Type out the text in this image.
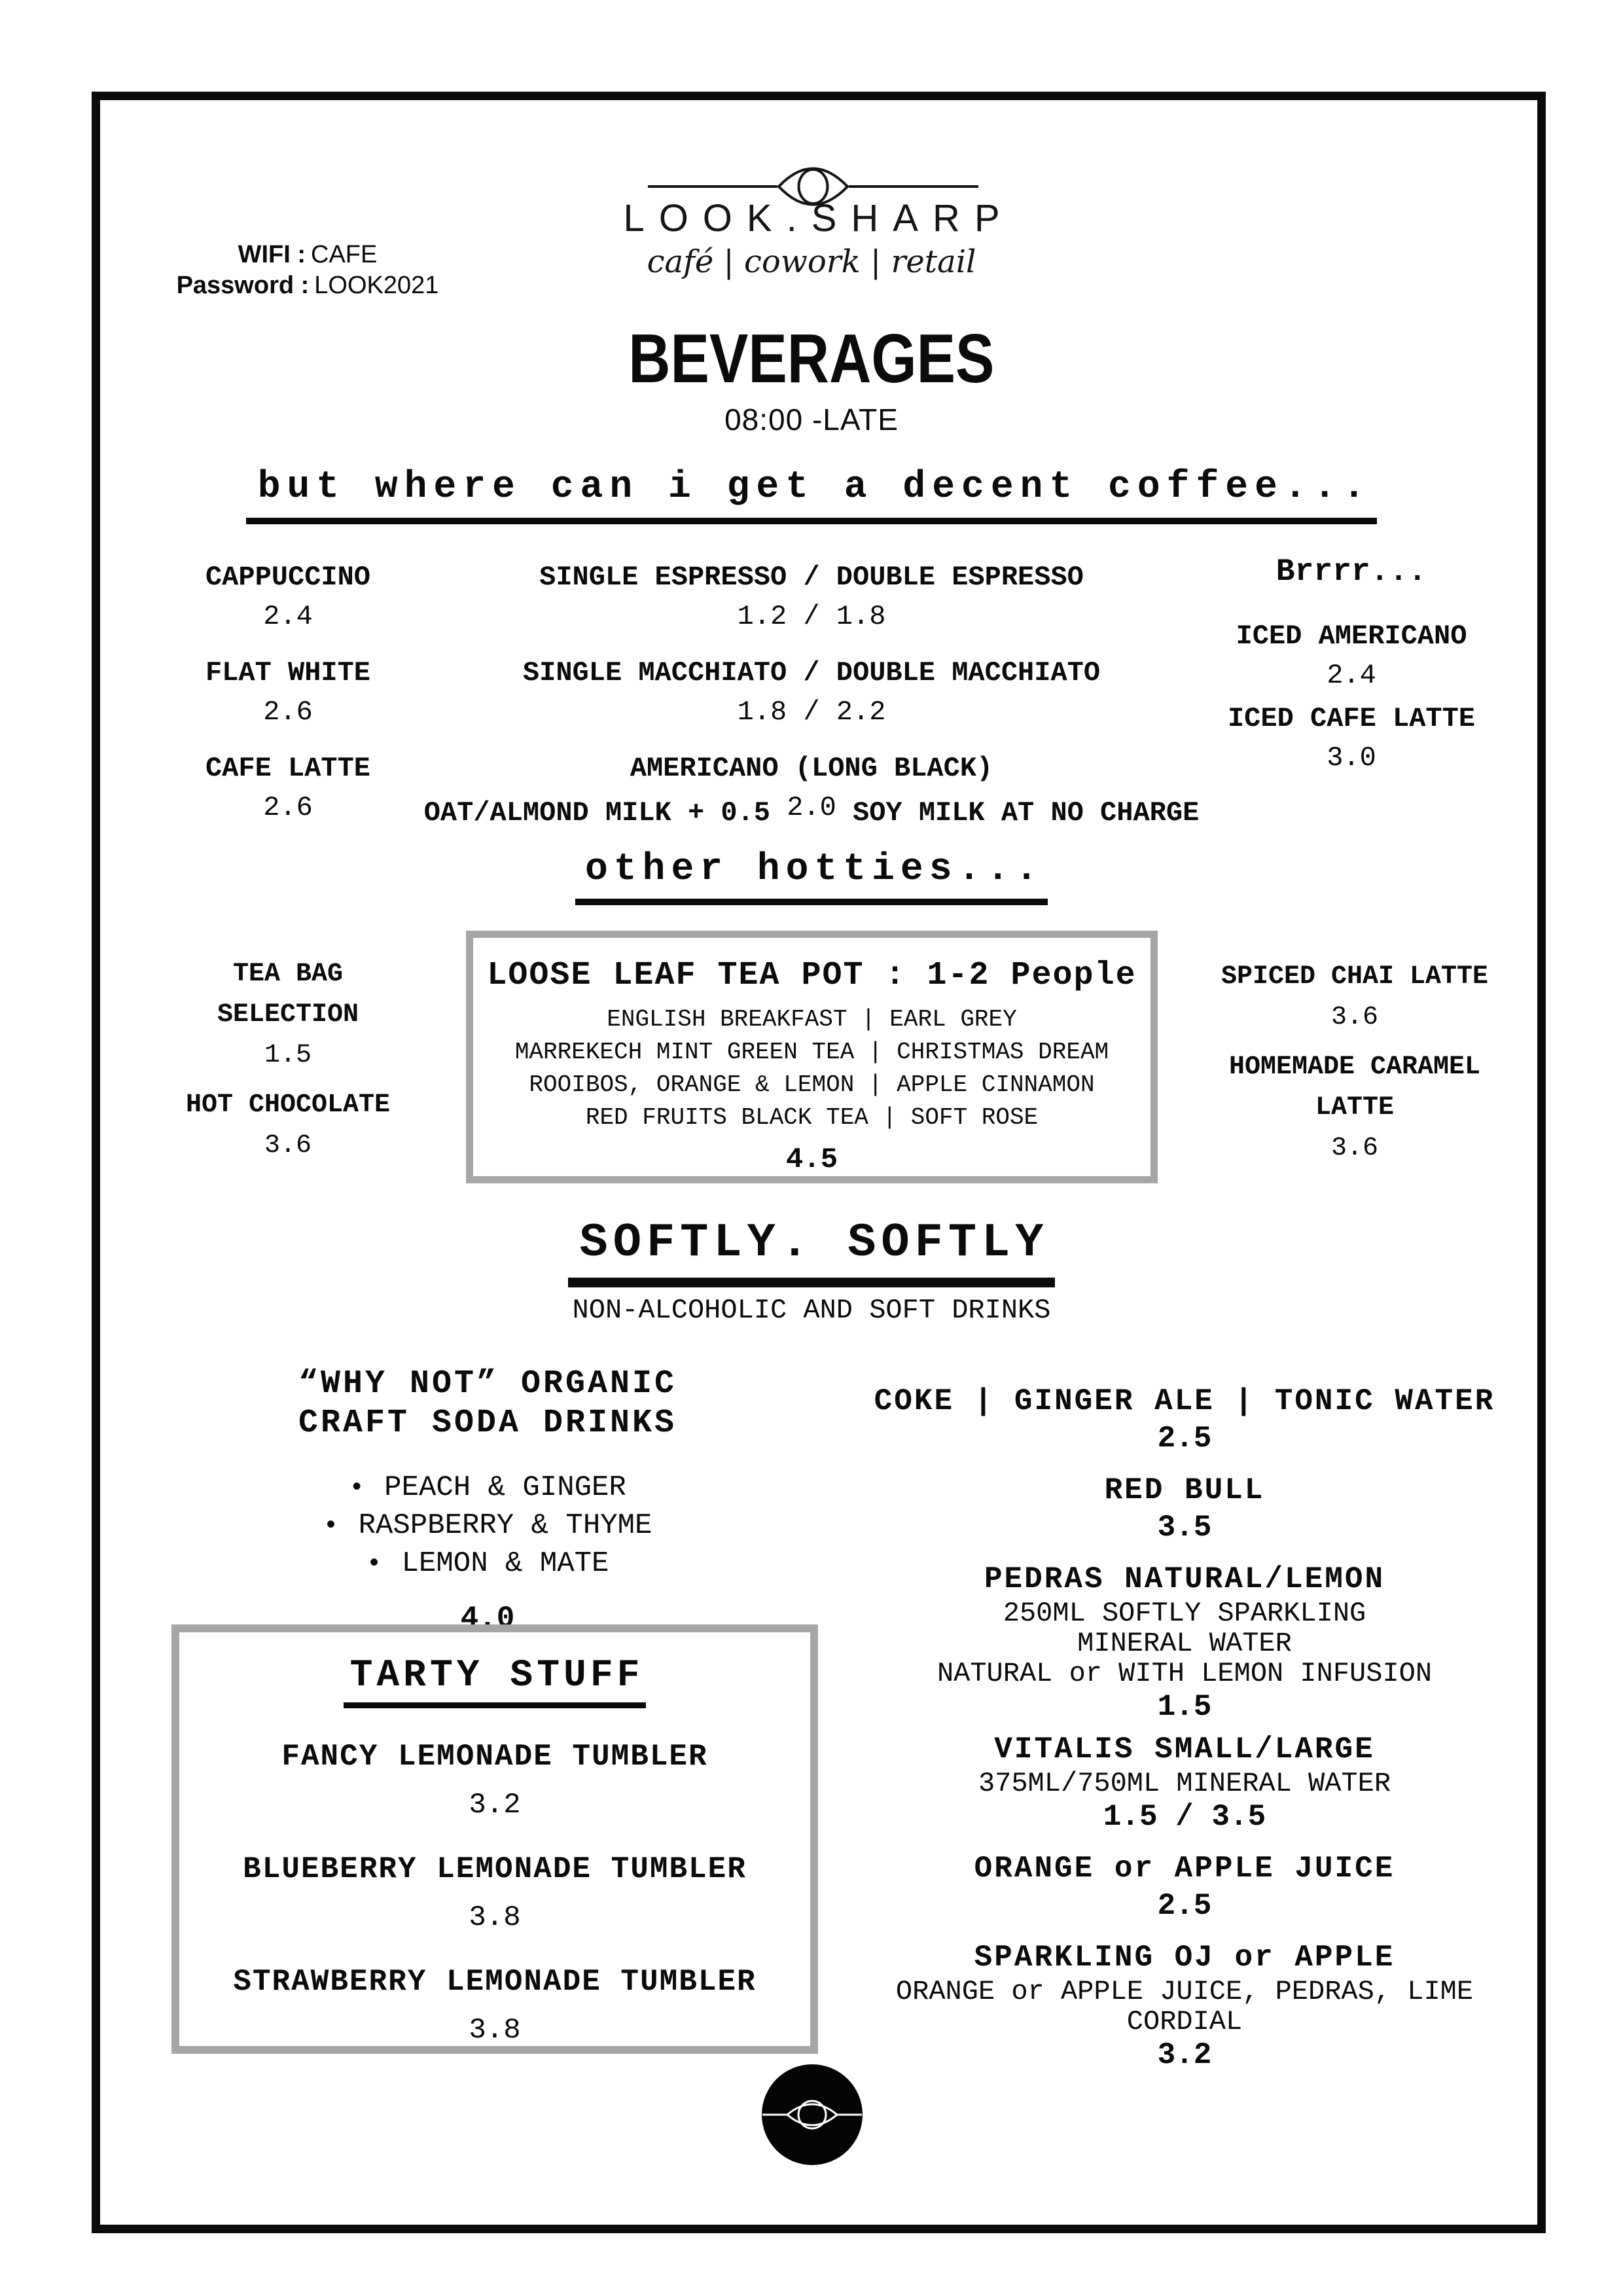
WIFI : CAFE
Password : LOOK2021
LOOK.SHARP
café | cowork | retail
BEVERAGES
08:00 -LATE
but where can i get a decent coffee...
CAPPUCCINO
2.4
FLAT WHITE
2.6
CAFE LATTE
2.6
SINGLE ESPRESSO / DOUBLE ESPRESSO
1.2 / 1.8
SINGLE MACCHIATO / DOUBLE MACCHIATO
1.8 / 2.2
AMERICANO (LONG BLACK)
2.0
Brrrr...
ICED AMERICANO
2.4
ICED CAFE LATTE
3.0
OAT/ALMOND MILK + 0.5	SOY MILK AT NO CHARGE
other hotties...
TEA BAG
SELECTION
1.5
HOT CHOCOLATE
3.6
LOOSE LEAF TEA POT : 1-2 People
ENGLISH BREAKFAST | EARL GREY
MARREKECH MINT GREEN TEA | CHRISTMAS DREAM
ROOIBOS, ORANGE & LEMON | APPLE CINNAMON
RED FRUITS BLACK TEA | SOFT ROSE
4.5
SPICED CHAI LATTE
3.6
HOMEMADE CARAMEL
LATTE
3.6
SOFTLY. SOFTLY
NON-ALCOHOLIC AND SOFT DRINKS
“WHY NOT” ORGANIC
CRAFT SODA DRINKS
• PEACH & GINGER
• RASPBERRY & THYME
• LEMON & MATE
4.0
TARTY STUFF
FANCY LEMONADE TUMBLER
3.2
BLUEBERRY LEMONADE TUMBLER
3.8
STRAWBERRY LEMONADE TUMBLER
3.8
COKE | GINGER ALE | TONIC WATER
2.5
RED BULL
3.5
PEDRAS NATURAL/LEMON
250ML SOFTLY SPARKLING
MINERAL WATER
NATURAL or WITH LEMON INFUSION
1.5
VITALIS SMALL/LARGE
375ML/750ML MINERAL WATER
1.5 / 3.5
ORANGE or APPLE JUICE
2.5
SPARKLING OJ or APPLE
ORANGE or APPLE JUICE, PEDRAS, LIME
CORDIAL
3.2
